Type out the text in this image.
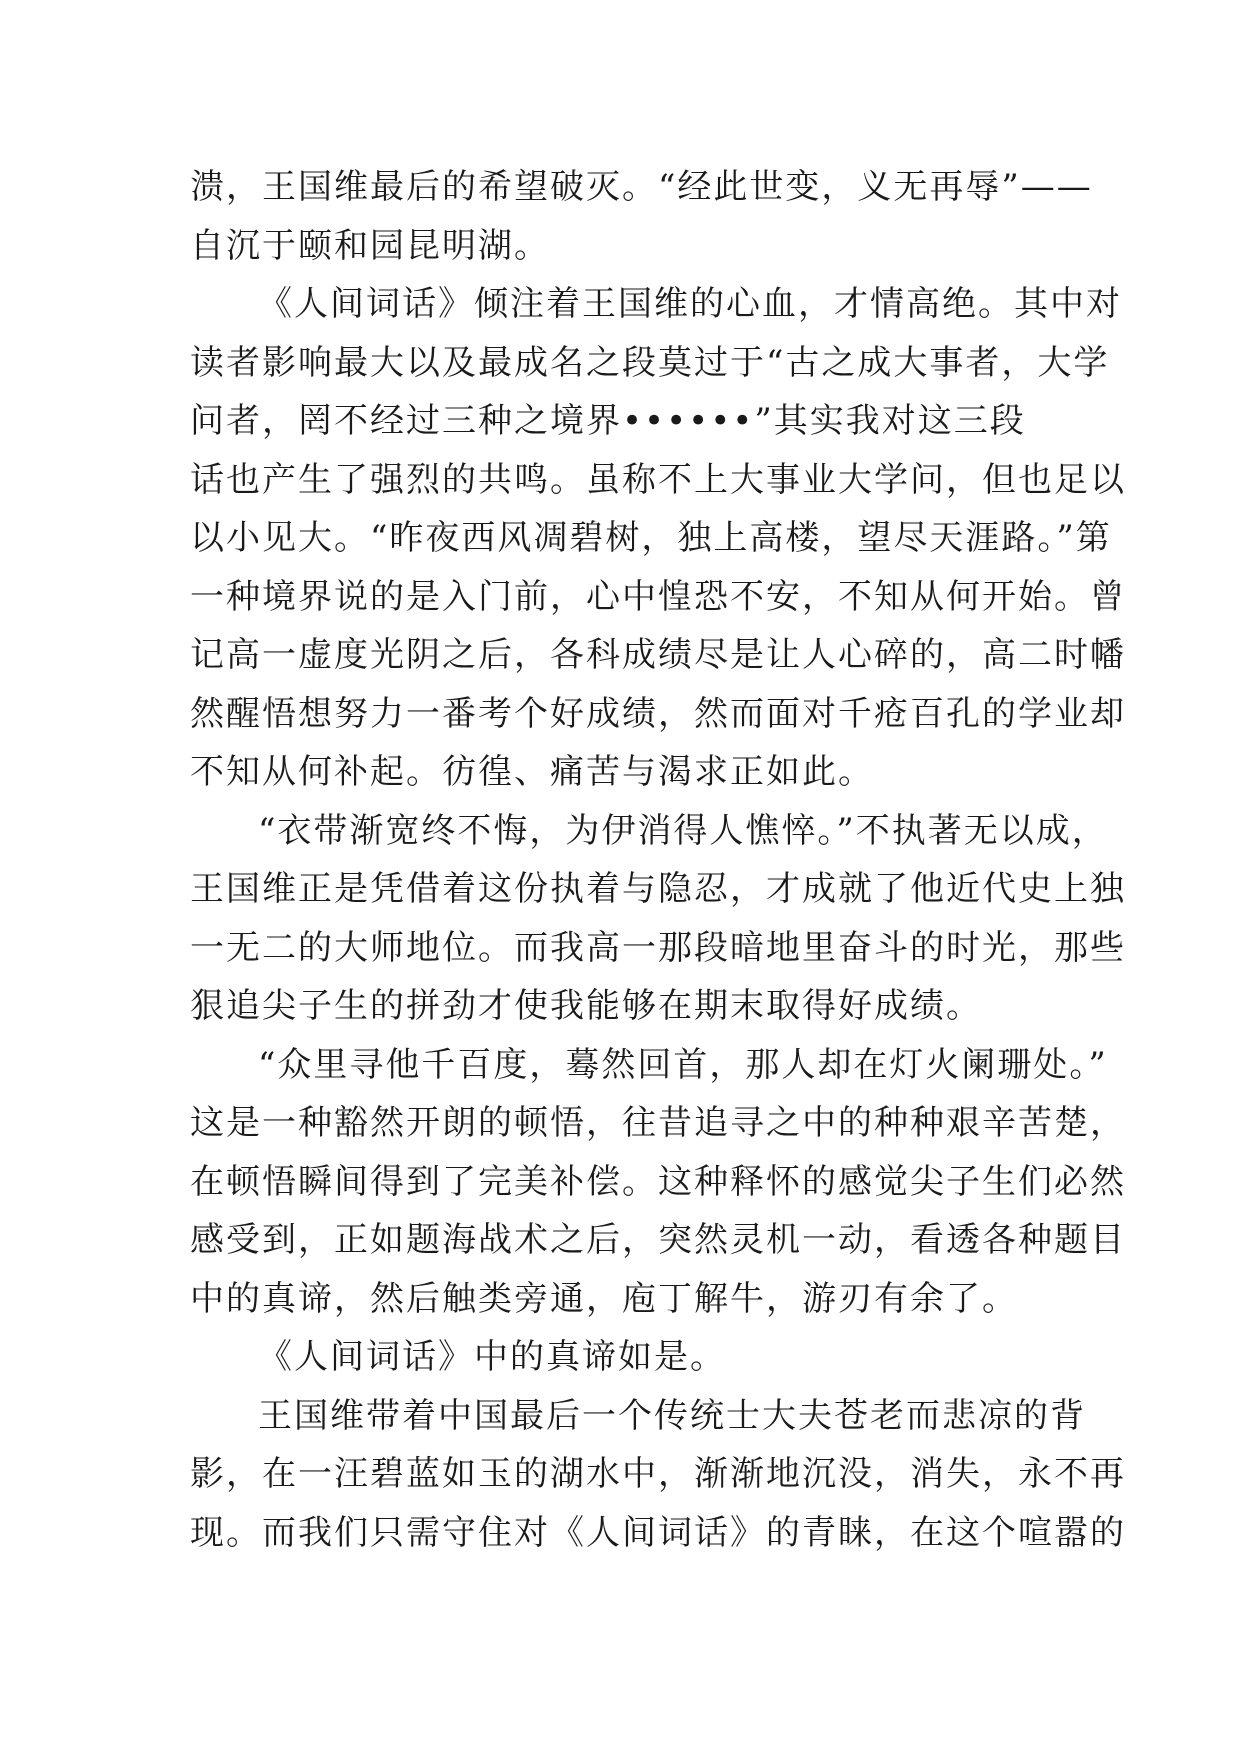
溃，王国维最后的希望破灭。“经此世变，义无再辱”——
自沉于颐和园昆明湖。
《人间词话》倾注着王国维的心血，才情高绝。其中对
读者影响最大以及最成名之段莫过于“古之成大事者，大学
问者，罔不经过三种之境界••••••”其实我对这三段
话也产生了强烈的共鸣。虽称不上大事业大学问，但也足以
以小见大。“昨夜西风凋碧树，独上高楼，望尽天涯路。”第
一种境界说的是入门前，心中惶恐不安，不知从何开始。曾
记高一虚度光阴之后，各科成绩尽是让人心碎的，高二时幡
然醒悟想努力一番考个好成绩，然而面对千疮百孔的学业却
不知从何补起。彷徨、痛苦与渴求正如此。
“衣带渐宽终不悔，为伊消得人憔悴。”不执著无以成，
王国维正是凭借着这份执着与隐忍，才成就了他近代史上独
一无二的大师地位。而我高一那段暗地里奋斗的时光，那些
狠追尖子生的拼劲才使我能够在期末取得好成绩。
“众里寻他千百度，蓦然回首，那人却在灯火阑珊处。”
这是一种豁然开朗的顿悟，往昔追寻之中的种种艰辛苦楚，
在顿悟瞬间得到了完美补偿。这种释怀的感觉尖子生们必然
感受到，正如题海战术之后，突然灵机一动，看透各种题目
中的真谛，然后触类旁通，庖丁解牛，游刃有余了。
《人间词话》中的真谛如是。
王国维带着中国最后一个传统士大夫苍老而悲凉的背
影，在一汪碧蓝如玉的湖水中，渐渐地沉没，消失，永不再
现。而我们只需守住对《人间词话》的青睐，在这个喧嚣的
